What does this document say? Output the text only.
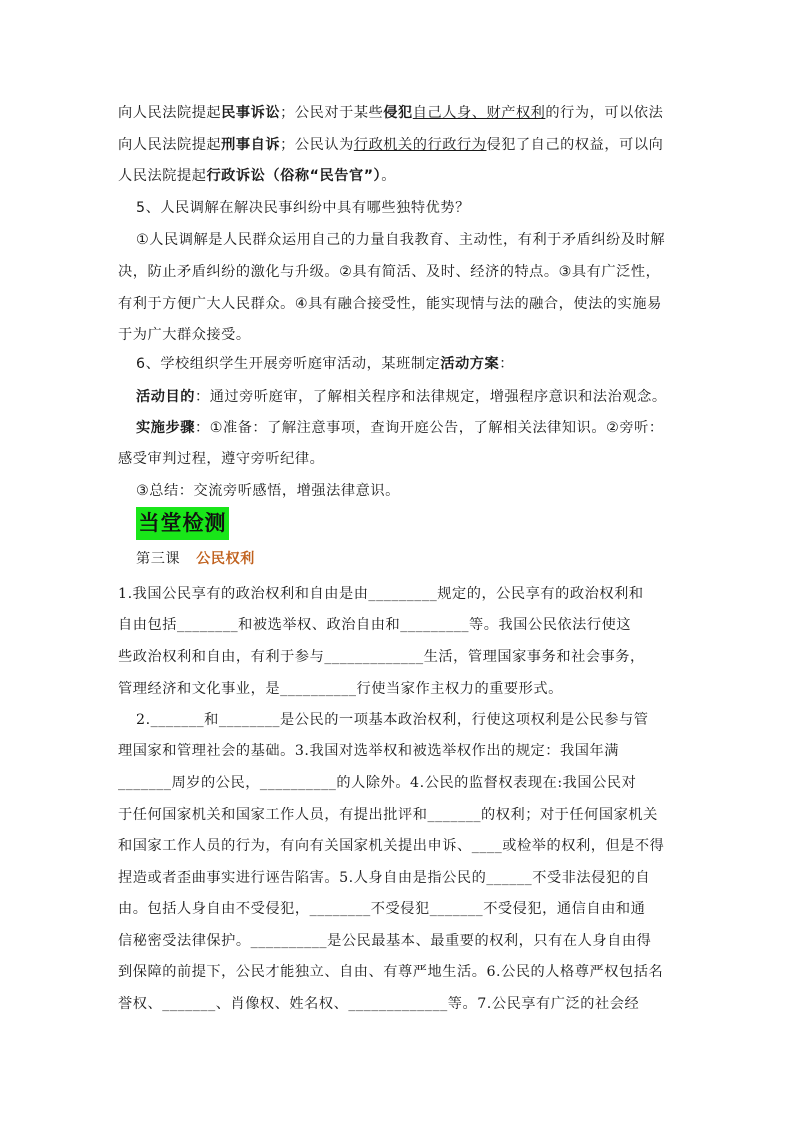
向人民法院提起民事诉讼；公民对于某些侵犯自己人身、财产权利的行为，可以依法
向人民法院提起刑事自诉；公民认为行政机关的行政行为侵犯了自己的权益，可以向
人民法院提起行政诉讼（俗称“民告官”）。
5、人民调解在解决民事纠纷中具有哪些独特优势？
①人民调解是人民群众运用自己的力量自我教育、主动性，有利于矛盾纠纷及时解
决，防止矛盾纠纷的激化与升级。②具有简活、及时、经济的特点。③具有广泛性，
有利于方便广大人民群众。④具有融合接受性，能实现情与法的融合，使法的实施易
于为广大群众接受。
6、学校组织学生开展旁听庭审活动，某班制定活动方案：
活动目的：通过旁听庭审，了解相关程序和法律规定，增强程序意识和法治观念。
实施步骤：①准备：了解注意事项，查询开庭公告，了解相关法律知识。②旁听：
感受审判过程，遵守旁听纪律。
③总结：交流旁听感悟，增强法律意识。
当堂检测
第三课 公民权利
1.我国公民享有的政治权利和自由是由_________规定的，公民享有的政治权利和
自由包括________和被选举权、政治自由和_________等。我国公民依法行使这
些政治权利和自由，有利于参与_____________生活，管理国家事务和社会事务，
管理经济和文化事业，是__________行使当家作主权力的重要形式。
2._______和________是公民的一项基本政治权利，行使这项权利是公民参与管
理国家和管理社会的基础。3.我国对选举权和被选举权作出的规定：我国年满
_______周岁的公民，__________的人除外。4.公民的监督权表现在:我国公民对
于任何国家机关和国家工作人员，有提出批评和_______的权利；对于任何国家机关
和国家工作人员的行为，有向有关国家机关提出申诉、____或检举的权利，但是不得
捏造或者歪曲事实进行诬告陷害。5.人身自由是指公民的______不受非法侵犯的自
由。包括人身自由不受侵犯，________不受侵犯_______不受侵犯，通信自由和通
信秘密受法律保护。__________是公民最基本、最重要的权利，只有在人身自由得
到保障的前提下，公民才能独立、自由、有尊严地生活。6.公民的人格尊严权包括名
誉权、_______、肖像权、姓名权、_____________等。7.公民享有广泛的社会经
